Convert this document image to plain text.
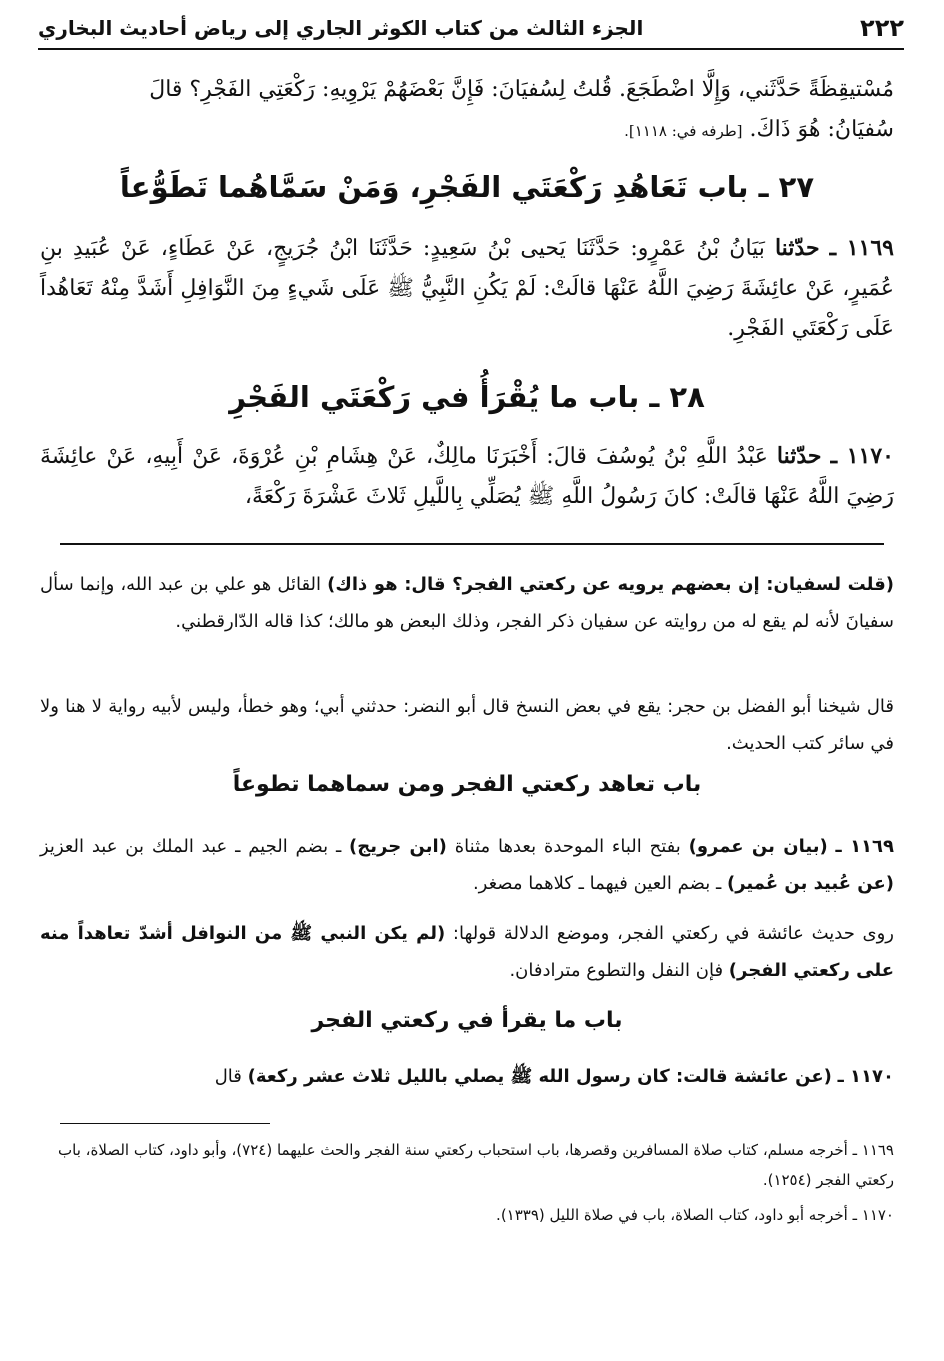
٢٢٢
الجزء الثالث من كتاب الكوثر الجاري إلى رياض أحاديث البخاري
مُسْتيقِظَةً حَدَّثَني، وَإِلَّا اضْطَجَعَ. قُلتُ لِسُفيَانَ: فَإِنَّ بَعْضَهُمْ يَرْوِيهِ: رَكْعَتِي الفَجْرِ؟ قالَ
سُفيَانُ: هُوَ ذَاكَ. [طرفه في: ١١١٨].
٢٧ ـ باب تَعَاهُدِ رَكْعَتَي الفَجْرِ، وَمَنْ سَمَّاهُما تَطَوُّعاً
١١٦٩ ـ حدّثنا بَيَانُ بْنُ عَمْرٍو: حَدَّثَنَا يَحيى بْنُ سَعِيدٍ: حَدَّثَنَا ابْنُ جُرَيجٍ، عَنْ عَطَاءٍ، عَنْ عُبَيدِ بنِ عُمَيرٍ، عَنْ عائِشَةَ رَضِيَ اللَّهُ عَنْهَا قالَتْ: لَمْ يَكُنِ النَّبِيُّ ﷺ عَلَى شَيءٍ مِنَ النَّوَافِلِ أَشَدَّ مِنْهُ تَعَاهُداً عَلَى رَكْعَتَي الفَجْرِ.
٢٨ ـ باب ما يُقْرَأُ في رَكْعَتَي الفَجْرِ
١١٧٠ ـ حدّثنا عَبْدُ اللَّهِ بْنُ يُوسُفَ قالَ: أَخْبَرَنَا مالِكٌ، عَنْ هِشَامِ بْنِ عُرْوَةَ، عَنْ أَبِيهِ، عَنْ عائِشَةَ رَضِيَ اللَّهُ عَنْهَا قالَتْ: كانَ رَسُولُ اللَّهِ ﷺ يُصَلِّي بِاللَّيلِ ثَلاثَ عَشْرَةَ رَكْعَةً،
(قلت لسفيان: إن بعضهم يرويه عن ركعتي الفجر؟ قال: هو ذاك) القائل هو علي بن عبد الله، وإنما سأل سفيانَ لأنه لم يقع له من روايته عن سفيان ذكر الفجر، وذلك البعض هو مالك؛ كذا قاله الدّارقطني.
قال شيخنا أبو الفضل بن حجر: يقع في بعض النسخ قال أبو النضر: حدثني أبي؛ وهو خطأ، وليس لأبيه رواية لا هنا ولا في سائر كتب الحديث.
باب تعاهد ركعتي الفجر ومن سماهما تطوعاً
١١٦٩ ـ (بيان بن عمرو) بفتح الباء الموحدة بعدها مثناة (ابن جريج) ـ بضم الجيم ـ عبد الملك بن عبد العزيز (عن عُبيد بن عُمير) ـ بضم العين فيهما ـ كلاهما مصغر.
روى حديث عائشة في ركعتي الفجر، وموضع الدلالة قولها: (لم يكن النبي ﷺ من النوافل أشدّ تعاهداً منه على ركعتي الفجر) فإن النفل والتطوع مترادفان.
باب ما يقرأ في ركعتي الفجر
١١٧٠ ـ (عن عائشة قالت: كان رسول الله ﷺ يصلي بالليل ثلاث عشر ركعة) قال
١١٦٩ ـ أخرجه مسلم، كتاب صلاة المسافرين وقصرها، باب استحباب ركعتي سنة الفجر والحث عليهما (٧٢٤)، وأبو داود، كتاب الصلاة، باب ركعتي الفجر (١٢٥٤).
١١٧٠ ـ أخرجه أبو داود، كتاب الصلاة، باب في صلاة الليل (١٣٣٩).
